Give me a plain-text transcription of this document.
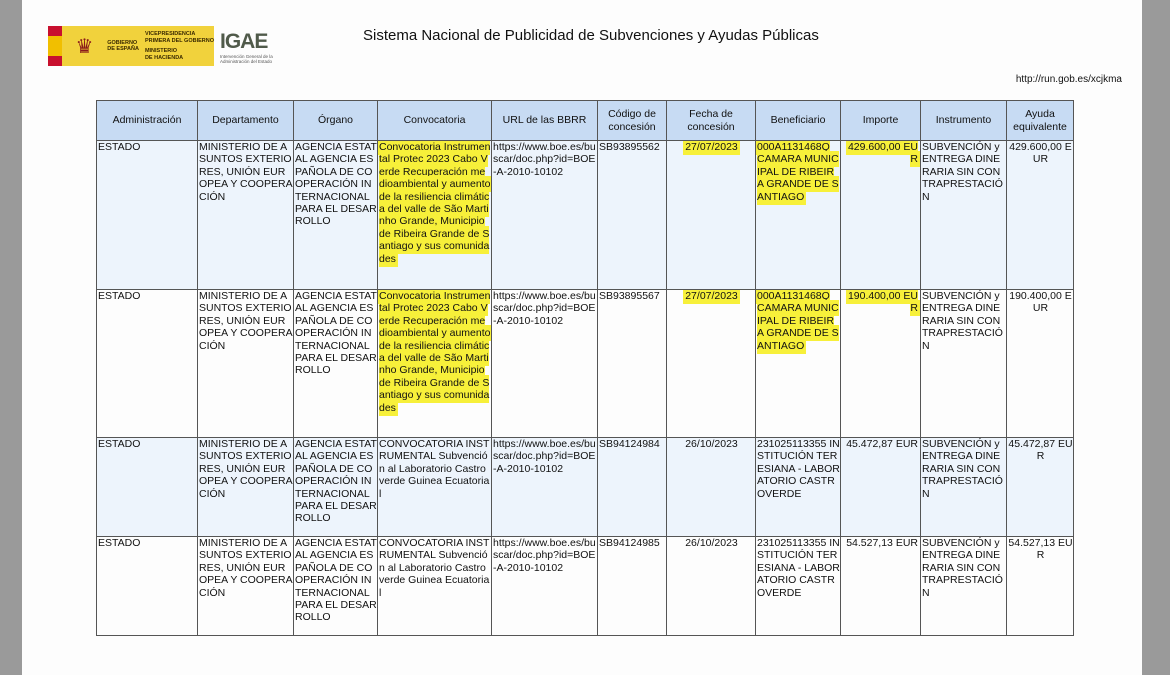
♛	GOBIERNO
DE ESPAÑA
VICEPRESIDENCIA
PRIMERA DEL GOBIERNO
MINISTERIO
DE HACIENDA
IGAE
Intervención General de la Administración del Estado
Sistema Nacional de Publicidad de Subvenciones y Ayudas Públicas
http://run.gob.es/xcjkma
Administración	Departamento	Órgano	Convocatoria	URL de las BBRR	Código de concesión	Fecha de concesión	Beneficiario	Importe	Instrumento	Ayuda equivalente
ESTADO	MINISTERIO DE ASUNTOS EXTERIORES, UNIÓN EUROPEA Y COOPERACIÓN	AGENCIA ESTATAL AGENCIA ESPAÑOLA DE COOPERACIÓN INTERNACIONAL PARA EL DESARROLLO	Convocatoria Instrumental Protec 2023 Cabo Verde Recuperación medioambiental y aumento de la resiliencia climática del valle de São Martinho Grande, Municipio de Ribeira Grande de Santiago y sus comunidades	https://www.boe.es/buscar/doc.php?id=BOE-A-2010-10102	SB93895562	27/07/2023	000A1131468Q CAMARA MUNICIPAL DE RIBEIRA GRANDE DE SANTIAGO	429.600,00 EUR	SUBVENCIÓN y ENTREGA DINERARIA SIN CONTRAPRESTACIÓN	429.600,00 EUR
ESTADO	MINISTERIO DE ASUNTOS EXTERIORES, UNIÓN EUROPEA Y COOPERACIÓN	AGENCIA ESTATAL AGENCIA ESPAÑOLA DE COOPERACIÓN INTERNACIONAL PARA EL DESARROLLO	Convocatoria Instrumental Protec 2023 Cabo Verde Recuperación medioambiental y aumento de la resiliencia climática del valle de São Martinho Grande, Municipio de Ribeira Grande de Santiago y sus comunidades	https://www.boe.es/buscar/doc.php?id=BOE-A-2010-10102	SB93895567	27/07/2023	000A1131468Q CAMARA MUNICIPAL DE RIBEIRA GRANDE DE SANTIAGO	190.400,00 EUR	SUBVENCIÓN y ENTREGA DINERARIA SIN CONTRAPRESTACIÓN	190.400,00 EUR
ESTADO	MINISTERIO DE ASUNTOS EXTERIORES, UNIÓN EUROPEA Y COOPERACIÓN	AGENCIA ESTATAL AGENCIA ESPAÑOLA DE COOPERACIÓN INTERNACIONAL PARA EL DESARROLLO	CONVOCATORIA INSTRUMENTAL Subvención al Laboratorio Castroverde Guinea Ecuatorial	https://www.boe.es/buscar/doc.php?id=BOE-A-2010-10102	SB94124984	26/10/2023	231025113355 INSTITUCIÓN TERESIANA - LABORATORIO CASTROVERDE	45.472,87 EUR	SUBVENCIÓN y ENTREGA DINERARIA SIN CONTRAPRESTACIÓN	45.472,87 EUR
ESTADO	MINISTERIO DE ASUNTOS EXTERIORES, UNIÓN EUROPEA Y COOPERACIÓN	AGENCIA ESTATAL AGENCIA ESPAÑOLA DE COOPERACIÓN INTERNACIONAL PARA EL DESARROLLO	CONVOCATORIA INSTRUMENTAL Subvención al Laboratorio Castroverde Guinea Ecuatorial	https://www.boe.es/buscar/doc.php?id=BOE-A-2010-10102	SB94124985	26/10/2023	231025113355 INSTITUCIÓN TERESIANA - LABORATORIO CASTROVERDE	54.527,13 EUR	SUBVENCIÓN y ENTREGA DINERARIA SIN CONTRAPRESTACIÓN	54.527,13 EUR
